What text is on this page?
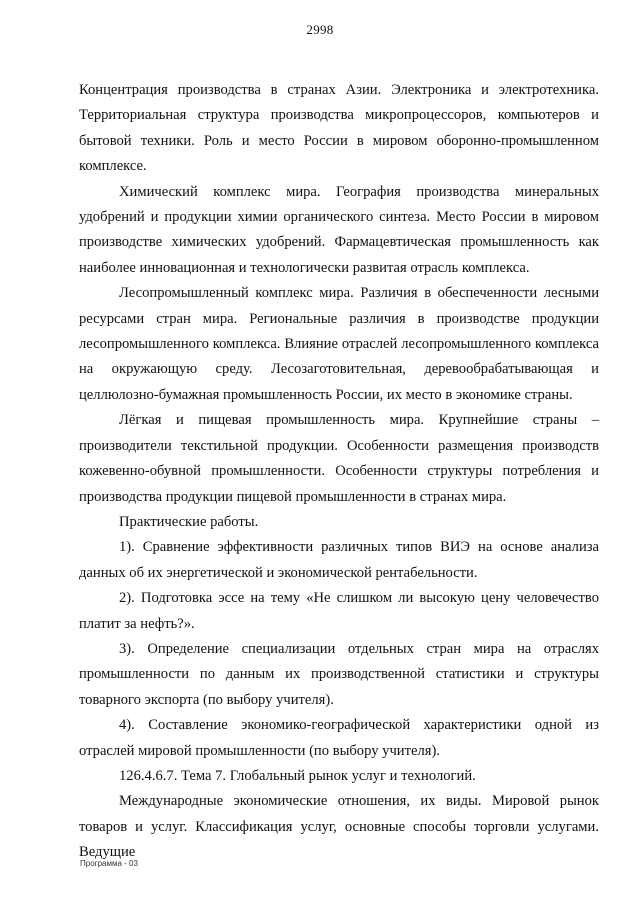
2998

Концентрация производства в странах Азии. Электроника и электротехника. Территориальная структура производства микропроцессоров, компьютеров и бытовой техники. Роль и место России в мировом оборонно-промышленном комплексе.

Химический комплекс мира. География производства минеральных удобрений и продукции химии органического синтеза. Место России в мировом производстве химических удобрений. Фармацевтическая промышленность как наиболее инновационная и технологически развитая отрасль комплекса.

Лесопромышленный комплекс мира. Различия в обеспеченности лесными ресурсами стран мира. Региональные различия в производстве продукции лесопромышленного комплекса. Влияние отраслей лесопромышленного комплекса на окружающую среду. Лесозаготовительная, деревообрабатывающая и целлюлозно-бумажная промышленность России, их место в экономике страны.

Лёгкая и пищевая промышленность мира. Крупнейшие страны – производители текстильной продукции. Особенности размещения производств кожевенно-обувной промышленности. Особенности структуры потребления и производства продукции пищевой промышленности в странах мира.

Практические работы.

1). Сравнение эффективности различных типов ВИЭ на основе анализа данных об их энергетической и экономической рентабельности.

2). Подготовка эссе на тему «Не слишком ли высокую цену человечество платит за нефть?».

3). Определение специализации отдельных стран мира на отраслях промышленности по данным их производственной статистики и структуры товарного экспорта (по выбору учителя).

4). Составление экономико-географической характеристики одной из отраслей мировой промышленности (по выбору учителя).

126.4.6.7. Тема 7. Глобальный рынок услуг и технологий.

Международные экономические отношения, их виды. Мировой рынок товаров и услуг. Классификация услуг, основные способы торговли услугами. Ведущие

Программа - 03
